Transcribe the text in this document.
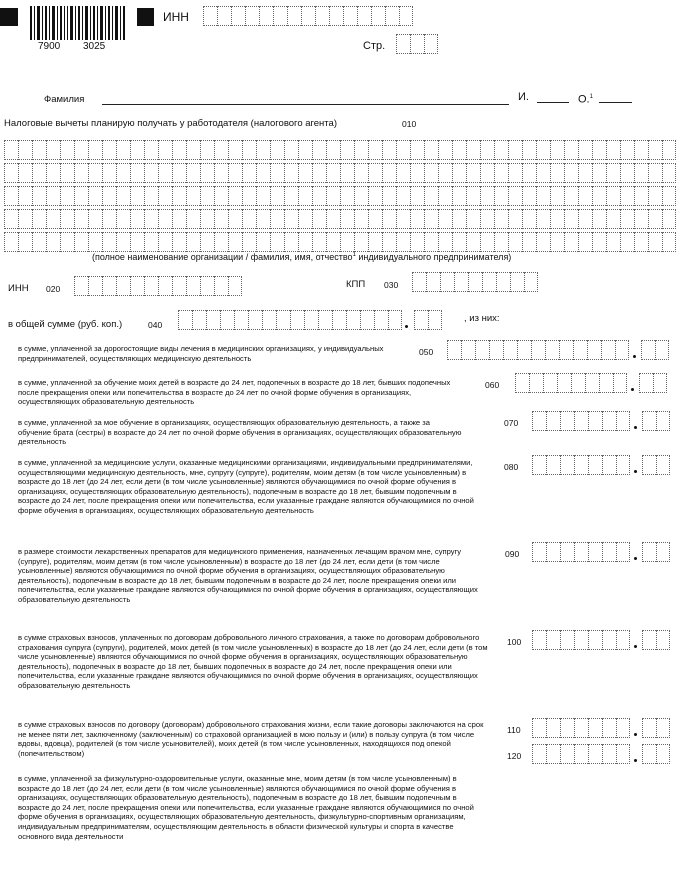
7900 3025
ИНН
Стр.
Фамилия	И.	О.$^1$
Налоговые вычеты планирую получать у работодателя (налогового агента)	010
(полное наименование организации / фамилия, имя, отчество$^1$ индивидуального предпринимателя)
ИНН 020	КПП 030
в общей сумме (руб. коп.)	040
, из них:
в сумме, уплаченной за дорогостоящие виды лечения в медицинских организациях, у индивидуальных предпринимателей, осуществляющих медицинскую деятельность
050
в сумме, уплаченной за обучение моих детей в возрасте до 24 лет, подопечных в возрасте до 18 лет, бывших подопечных после прекращения опеки или попечительства в возрасте до 24 лет по очной форме обучения в организациях, осуществляющих образовательную деятельность
060
в сумме, уплаченной за мое обучение в организациях, осуществляющих образовательную деятельность, а также за обучение брата (сестры) в возрасте до 24 лет по очной форме обучения в организациях, осуществляющих образовательную деятельность
070
в сумме, уплаченной за медицинские услуги, оказанные медицинскими организациями, индивидуальными предпринимателями, осуществляющими медицинскую деятельность, мне, супругу (супруге), родителям, моим детям (в том числе усыновленным) в возрасте до 18 лет (до 24 лет, если дети (в том числе усыновленные) являются обучающимися по очной форме обучения в организациях, осуществляющих образовательную деятельность), подопечным в возрасте до 18 лет, бывшим подопечным в возрасте до 24 лет, после прекращения опеки или попечительства, если указанные граждане являются обучающимися по очной форме обучения в организациях, осуществляющих образовательную деятельность
080
в размере стоимости лекарственных препаратов для медицинского применения, назначенных лечащим врачом мне, супругу (супруге), родителям, моим детям (в том числе усыновленным) в возрасте до 18 лет (до 24 лет, если дети (в том числе усыновленные) являются обучающимися по очной форме обучения в организациях, осуществляющих образовательную деятельность), подопечным в возрасте до 18 лет, бывшим подопечным в возрасте до 24 лет, после прекращения опеки или попечительства, если указанные граждане являются обучающимися по очной форме обучения в организациях, осуществляющих образовательную деятельность
090
в сумме страховых взносов, уплаченных по договорам добровольного личного страхования, а также по договорам добровольного страхования супруга (супруги), родителей, моих детей (в том числе усыновленных) в возрасте до 18 лет (до 24 лет, если дети (в том числе усыновленные) являются обучающимися по очной форме обучения в организациях, осуществляющих образовательную деятельность), подопечных в возрасте до 18 лет, бывших подопечных в возрасте до 24 лет, после прекращения опеки или попечительства, если указанные граждане являются обучающимися по очной форме обучения в организациях, осуществляющих образовательную деятельность
100
в сумме страховых взносов по договору (договорам) добровольного страхования жизни, если такие договоры заключаются на срок не менее пяти лет, заключенному (заключенным) со страховой организацией в мою пользу и (или) в пользу супруга (в том числе вдовы, вдовца), родителей (в том числе усыновителей), моих детей (в том числе усыновленных, находящихся под опекой (попечительством)
110
в сумме, уплаченной за физкультурно-оздоровительные услуги, оказанные мне, моим детям (в том числе усыновленным) в возрасте до 18 лет (до 24 лет, если дети (в том числе усыновленные) являются обучающимися по очной форме обучения в организациях, осуществляющих образовательную деятельность), подопечным в возрасте до 18 лет, бывшим подопечным в возрасте до 24 лет, после прекращения опеки или попечительства, если указанные граждане являются обучающимися по очной форме обучения в организациях, осуществляющих образовательную деятельность, физкультурно-спортивным организациям, индивидуальным предпринимателям, осуществляющим деятельность в области физической культуры и спорта в качестве основного вида деятельности
120
